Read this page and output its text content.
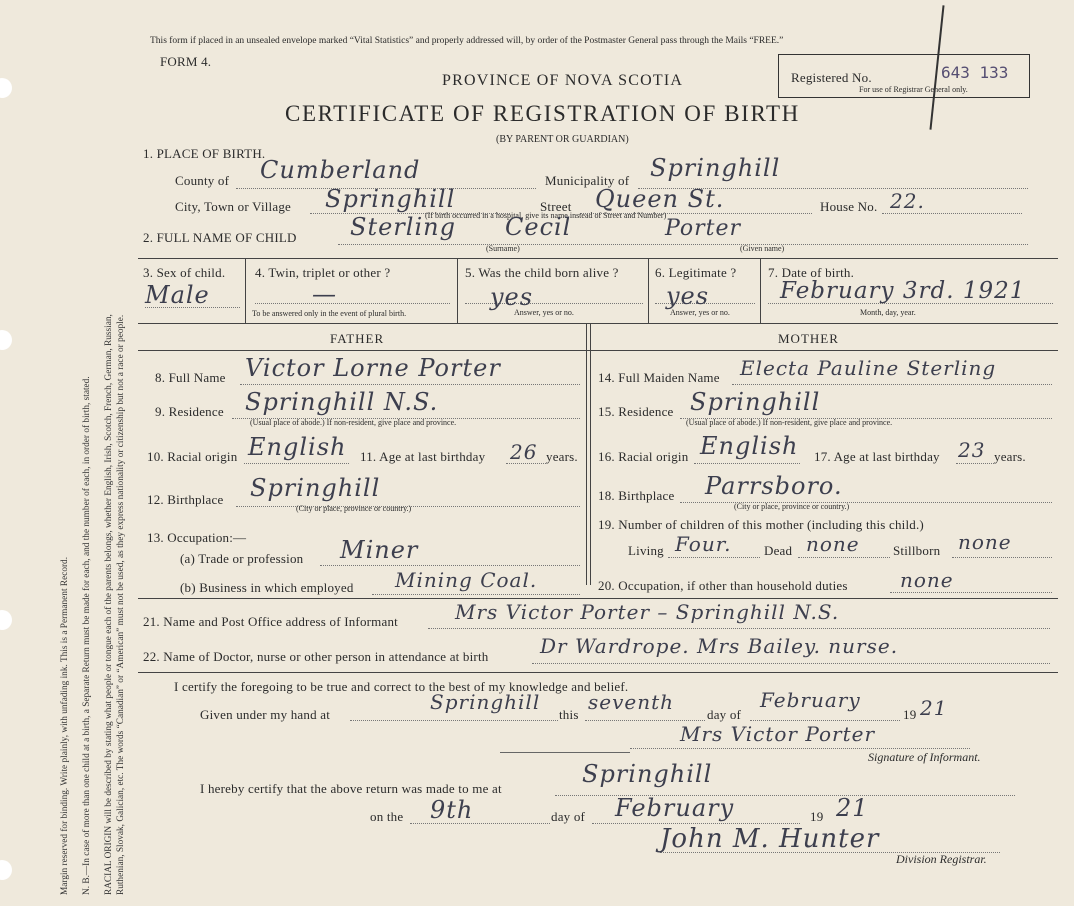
Margin reserved for binding. Write plainly, with unfading ink. This is a Permanent Record. N. B.—In case of more than one child at a birth, a Separate Return must be made for each, and the number of each, in order of birth, stated. RACIAL ORIGIN will be described by stating what people or tongue each of the parents belongs, whether English, Irish, Scotch, French, German, Russian, Ruthenian, Slovak, Galician, etc. The words “Canadian” or “American” must not be used, as they express nationality or citizenship but not a race or people.
This form if placed in an unsealed envelope marked “Vital Statistics” and properly addressed will, by order of the Postmaster General pass through the Mails “FREE.”
FORM 4.
Registered No.	643 133
For use of Registrar General only.
PROVINCE OF NOVA SCOTIA
CERTIFICATE OF REGISTRATION OF BIRTH
(BY PARENT OR GUARDIAN)
1. PLACE OF BIRTH.
County of Cumberland	Municipality of Springhill
City, Town or Village Springhill	Street Queen St.	House No. 22.
(If birth occurred in a hospital, give its name instead of Street and Number)
2. FULL NAME OF CHILD Sterling Cecil	Porter
(Surname)	(Given name)
3. Sex of child.
Male
4. Twin, triplet or other ?
—
To be answered only in the event of plural birth.
5. Was the child born alive ?
yes
Answer, yes or no.
6. Legitimate ?
yes
Answer, yes or no.
7. Date of birth.
February 3rd. 1921
Month, day, year.
FATHER	MOTHER
8. Full Name Victor Lorne Porter
9. Residence Springhill N.S.
(Usual place of abode.) If non-resident, give place and province.
10. Racial origin English 11. Age at last birthday 26 years.
12. Birthplace Springhill
(City or place, province or country.)
13. Occupation:—
(a) Trade or profession Miner
(b) Business in which employed Mining Coal.
14. Full Maiden Name Electa Pauline Sterling
15. Residence Springhill
(Usual place of abode.) If non-resident, give place and province.
16. Racial origin English 17. Age at last birthday 23 years.
18. Birthplace Parrsboro.
(City or place, province or country.)
19. Number of children of this mother (including this child.)
Living Four.	Dead none	Stillborn none
20. Occupation, if other than household duties	none
21. Name and Post Office address of Informant	Mrs Victor Porter – Springhill N.S.
22. Name of Doctor, nurse or other person in attendance at birth	Dr Wardrope. Mrs Bailey. nurse.
I certify the foregoing to be true and correct to the best of my knowledge and belief.
Given under my hand at
Springhill
this
seventh
day of
February
19 21
Mrs Victor Porter
Signature of Informant.
I hereby certify that the above return was made to me at
Springhill
on the 9th	day of February	19 21
John M. Hunter
Division Registrar.
